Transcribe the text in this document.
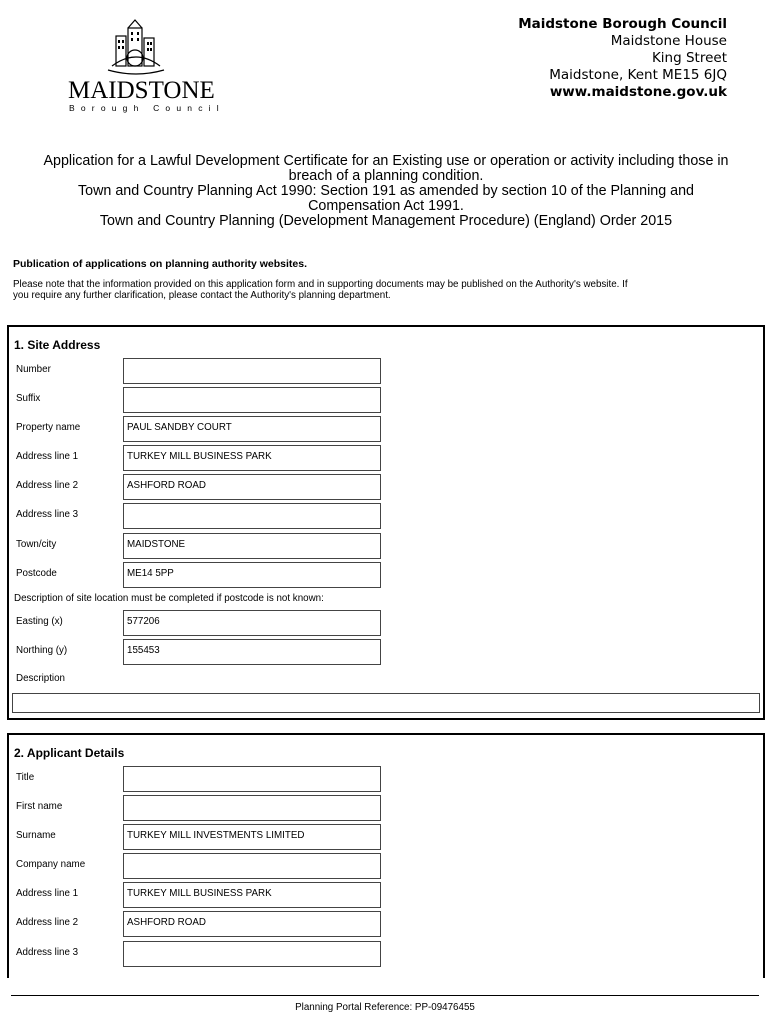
MAIDSTONE
Borough Council
Maidstone Borough Council
Maidstone House
King Street
Maidstone, Kent ME15 6JQ
www.maidstone.gov.uk
Application for a Lawful Development Certificate for an Existing use or operation or activity including those in
breach of a planning condition.
Town and Country Planning Act 1990: Section 191 as amended by section 10 of the Planning and
Compensation Act 1991.
Town and Country Planning (Development Management Procedure) (England) Order 2015
Publication of applications on planning authority websites.
Please note that the information provided on this application form and in supporting documents may be published on the Authority's website. If
you require any further clarification, please contact the Authority's planning department.
1. Site Address
Number
Suffix
Property name	PAUL SANDBY COURT
Address line 1	TURKEY MILL BUSINESS PARK
Address line 2	ASHFORD ROAD
Address line 3
Town/city	MAIDSTONE
Postcode	ME14 5PP
Description of site location must be completed if postcode is not known:
Easting (x)	577206
Northing (y)	155453
Description
2. Applicant Details
Title
First name
Surname	TURKEY MILL INVESTMENTS LIMITED
Company name
Address line 1	TURKEY MILL BUSINESS PARK
Address line 2	ASHFORD ROAD
Address line 3
Planning Portal Reference: PP-09476455
